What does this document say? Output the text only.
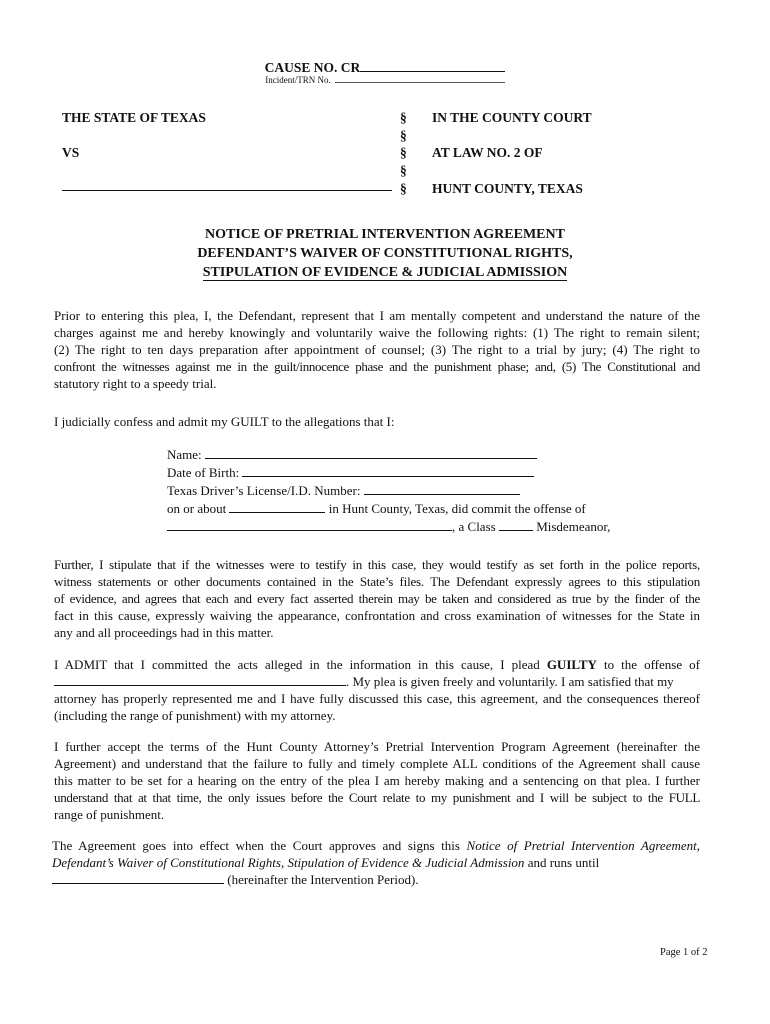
CAUSE NO. CR
Incident/TRN No.
THE STATE OF TEXAS
VS
§
§
§
§
§
IN THE COUNTY COURT
AT LAW NO. 2 OF
HUNT COUNTY, TEXAS
NOTICE OF PRETRIAL INTERVENTION AGREEMENT
DEFENDANT’S WAIVER OF CONSTITUTIONAL RIGHTS,
STIPULATION OF EVIDENCE & JUDICIAL ADMISSION
Prior to entering this plea, I, the Defendant, represent that I am mentally competent and understand the nature of the
charges against me and hereby knowingly and voluntarily waive the following rights: (1) The right to remain silent;
(2) The right to ten days preparation after appointment of counsel; (3) The right to a trial by jury; (4) The right to
confront the witnesses against me in the guilt/innocence phase and the punishment phase; and, (5) The Constitutional and
statutory right to a speedy trial.
I judicially confess and admit my GUILT to the allegations that I:
Name:
Date of Birth:
Texas Driver’s License/I.D. Number:
on or about	in Hunt County, Texas, did commit the offense of
, a Class	Misdemeanor,
Further, I stipulate that if the witnesses were to testify in this case, they would testify as set forth in the police reports,
witness statements or other documents contained in the State’s files. The Defendant expressly agrees to this stipulation
of evidence, and agrees that each and every fact asserted therein may be taken and considered as true by the finder of the
fact in this cause, expressly waiving the appearance, confrontation and cross examination of witnesses for the State in
any and all proceedings had in this matter.
I ADMIT that I committed the acts alleged in the information in this cause, I plead GUILTY to the offense of
. My plea is given freely and voluntarily. I am satisfied that my
attorney has properly represented me and I have fully discussed this case, this agreement, and the consequences thereof
(including the range of punishment) with my attorney.
I further accept the terms of the Hunt County Attorney’s Pretrial Intervention Program Agreement (hereinafter the
Agreement) and understand that the failure to fully and timely complete ALL conditions of the Agreement shall cause
this matter to be set for a hearing on the entry of the plea I am hereby making and a sentencing on that plea. I further
understand that at that time, the only issues before the Court relate to my punishment and I will be subject to the FULL
range of punishment.
The Agreement goes into effect when the Court approves and signs this Notice of Pretrial Intervention Agreement,
Defendant’s Waiver of Constitutional Rights, Stipulation of Evidence & Judicial Admission and runs until
(hereinafter the Intervention Period).
Page 1 of 2
